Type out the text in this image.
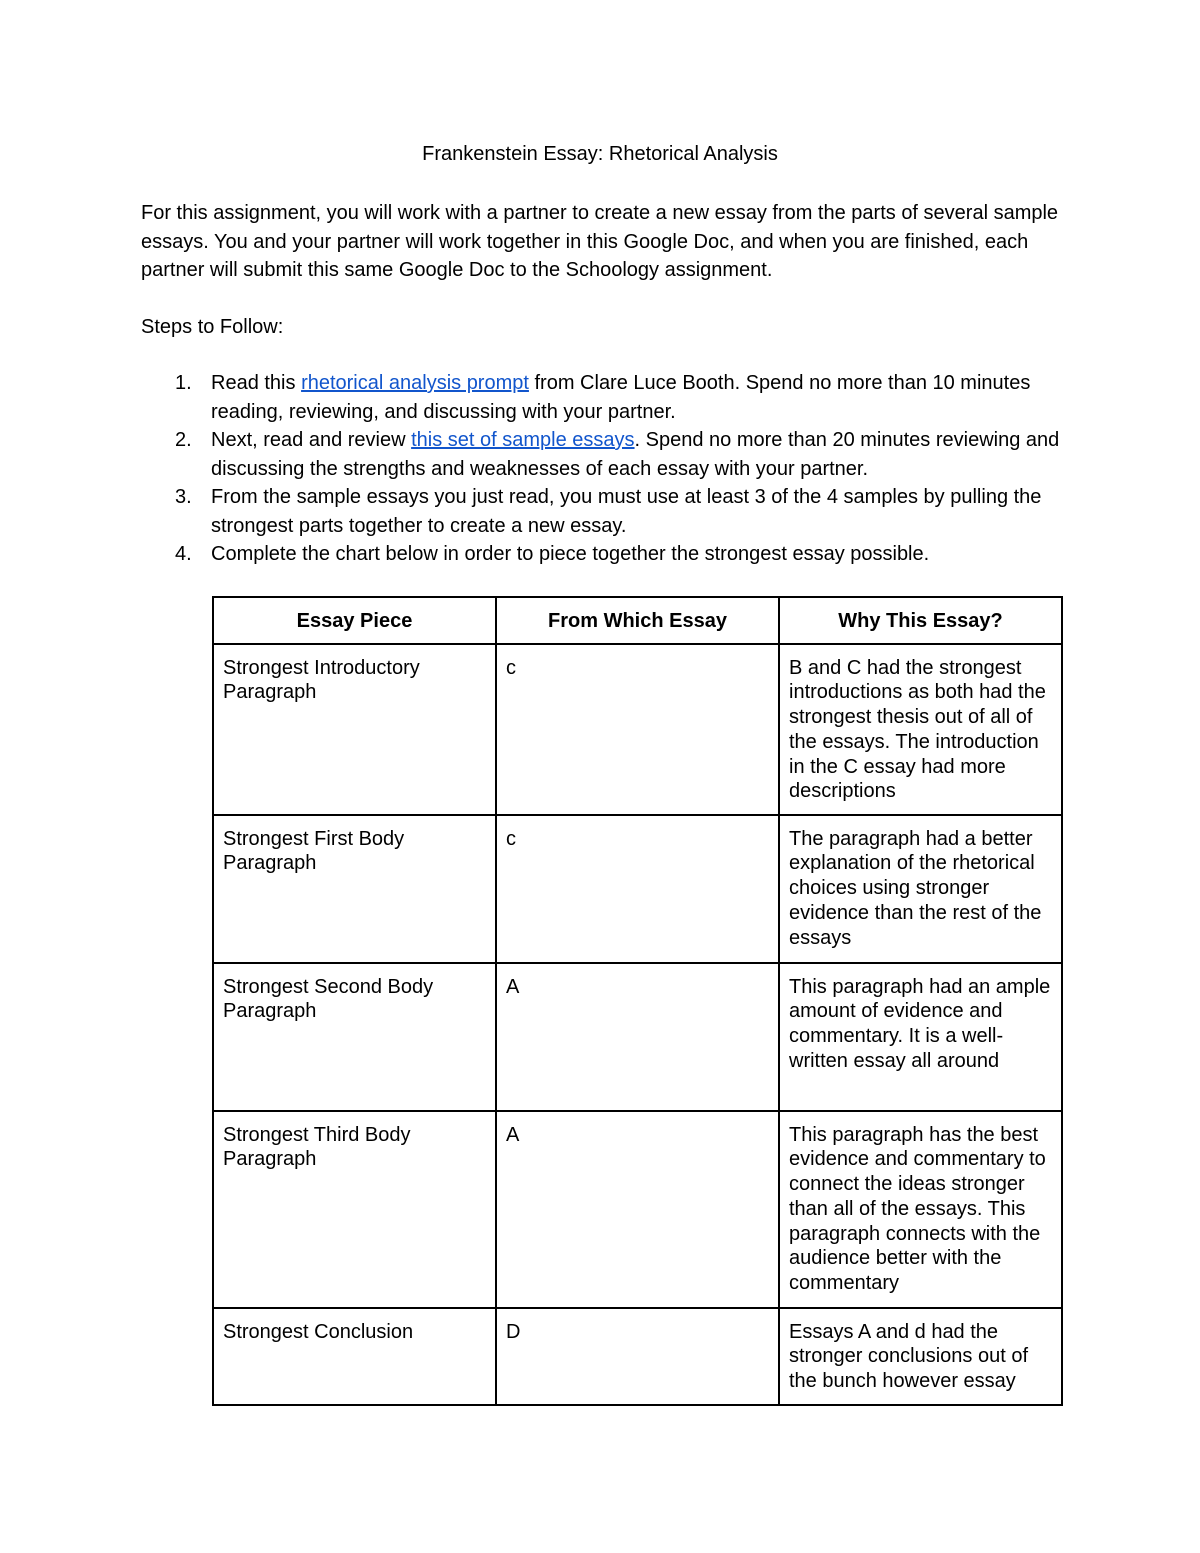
Frankenstein Essay: Rhetorical Analysis

For this assignment, you will work with a partner to create a new essay from the parts of several sample essays. You and your partner will work together in this Google Doc, and when you are finished, each partner will submit this same Google Doc to the Schoology assignment.

Steps to Follow:
1. Read this rhetorical analysis prompt from Clare Luce Booth. Spend no more than 10 minutes reading, reviewing, and discussing with your partner.
2. Next, read and review this set of sample essays. Spend no more than 20 minutes reviewing and discussing the strengths and weaknesses of each essay with your partner.
3. From the sample essays you just read, you must use at least 3 of the 4 samples by pulling the strongest parts together to create a new essay.
4. Complete the chart below in order to piece together the strongest essay possible.
Essay Piece	From Which Essay	Why This Essay?
Strongest Introductory Paragraph	c	B and C had the strongest introductions as both had the strongest thesis out of all of the essays. The introduction in the C essay had more descriptions
Strongest First Body Paragraph	c	The paragraph had a better explanation of the rhetorical choices using stronger evidence than the rest of the essays
Strongest Second Body Paragraph	A	This paragraph had an ample amount of evidence and commentary. It is a well-written essay all around
Strongest Third Body Paragraph	A	This paragraph has the best evidence and commentary to connect the ideas stronger than all of the essays. This paragraph connects with the audience better with the commentary
Strongest Conclusion	D	Essays A and d had the stronger conclusions out of the bunch however essay
